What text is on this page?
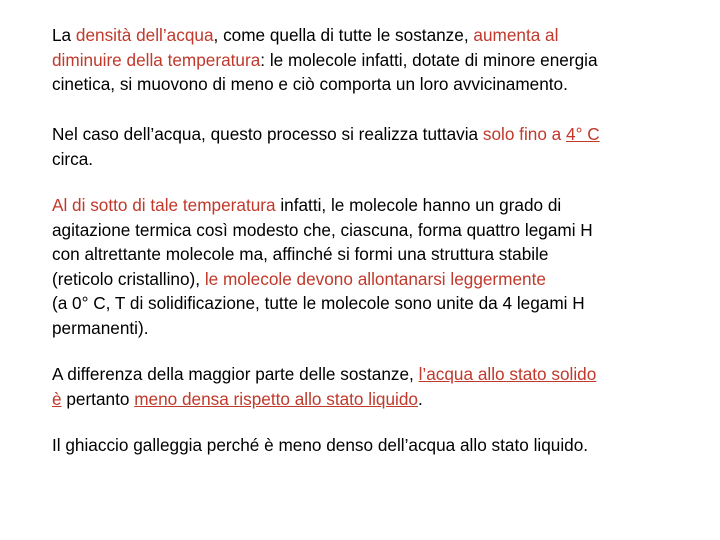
La densità dell’acqua, come quella di tutte le sostanze, aumenta al
diminuire della temperatura: le molecole infatti, dotate di minore energia
cinetica, si muovono di meno e ciò comporta un loro avvicinamento.

Nel caso dell’acqua, questo processo si realizza tuttavia solo fino a 4° C
circa.

Al di sotto di tale temperatura infatti, le molecole hanno un grado di
agitazione termica così modesto che, ciascuna, forma quattro legami H
con altrettante molecole ma, affinché si formi una struttura stabile
(reticolo cristallino), le molecole devono allontanarsi leggermente
(a 0° C, T di solidificazione, tutte le molecole sono unite da 4 legami H
permanenti).

A differenza della maggior parte delle sostanze, l’acqua allo stato solido
è pertanto meno densa rispetto allo stato liquido.

Il ghiaccio galleggia perché è meno denso dell’acqua allo stato liquido.
